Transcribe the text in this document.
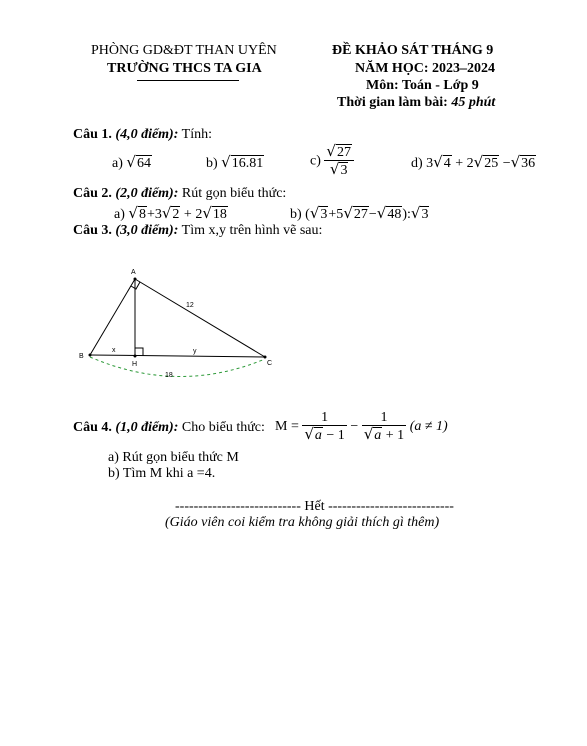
PHÒNG GD&ĐT THAN UYÊN
TRƯỜNG THCS TA GIA
ĐỀ KHẢO SÁT THÁNG 9
NĂM HỌC: 2023–2024
Môn: Toán - Lớp 9
Thời gian làm bài: 45 phút
Câu 1. (4,0 điểm): Tính:
a) √64	b) √16.81	$c) \frac{√27}{√3}$	d) 3√4 + 2√25 −√36
Câu 2. (2,0 điểm): Rút gọn biểu thức:
a) √8+3√2 + 2√18	b) (√3+5√27−√48):√3
Câu 3. (3,0 điểm): Tìm x,y trên hình vẽ sau:
A
B
C
H
x	y
12
18
Câu 4. (1,0 điểm): Cho biểu thức: $M = \frac{1}{√a - 1} - \frac{1}{√a + 1} (a \ne 1)$
a) Rút gọn biểu thức M
b) Tìm M khi a =4.
--------------------------- Hết ---------------------------
(Giáo viên coi kiểm tra không giải thích gì thêm)
